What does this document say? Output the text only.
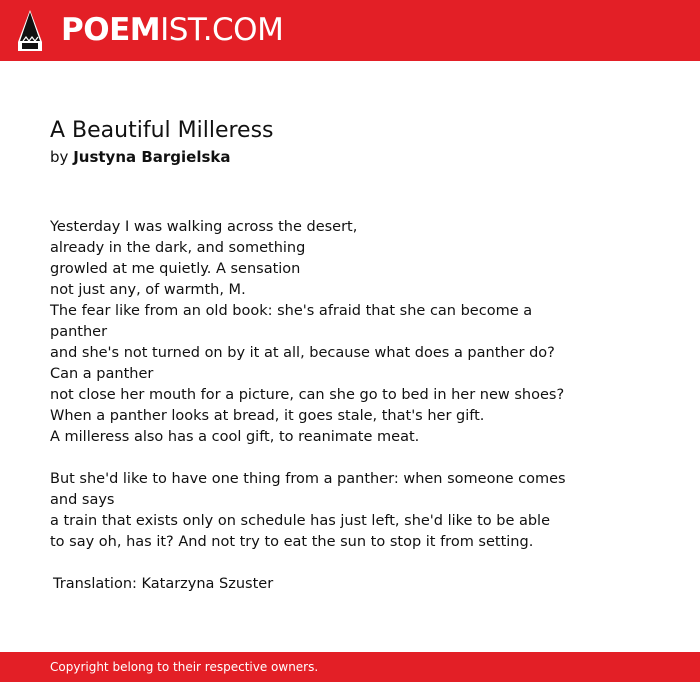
POEMIST.COM
A Beautiful Milleress

by Justyna Bargielska

Yesterday I was walking across the desert,
already in the dark, and something
growled at me quietly. A sensation
not just any, of warmth, M.
The fear like from an old book: she's afraid that she can become a panther
and she's not turned on by it at all, because what does a panther do? Can a panther
not close her mouth for a picture, can she go to bed in her new shoes?
When a panther looks at bread, it goes stale, that's her gift.
A milleress also has a cool gift, to reanimate meat.
But she'd like to have one thing from a panther: when someone comes and says
a train that exists only on schedule has just left, she'd like to be able
to say oh, has it? And not try to eat the sun to stop it from setting.
Translation: Katarzyna Szuster
Copyright belong to their respective owners.
